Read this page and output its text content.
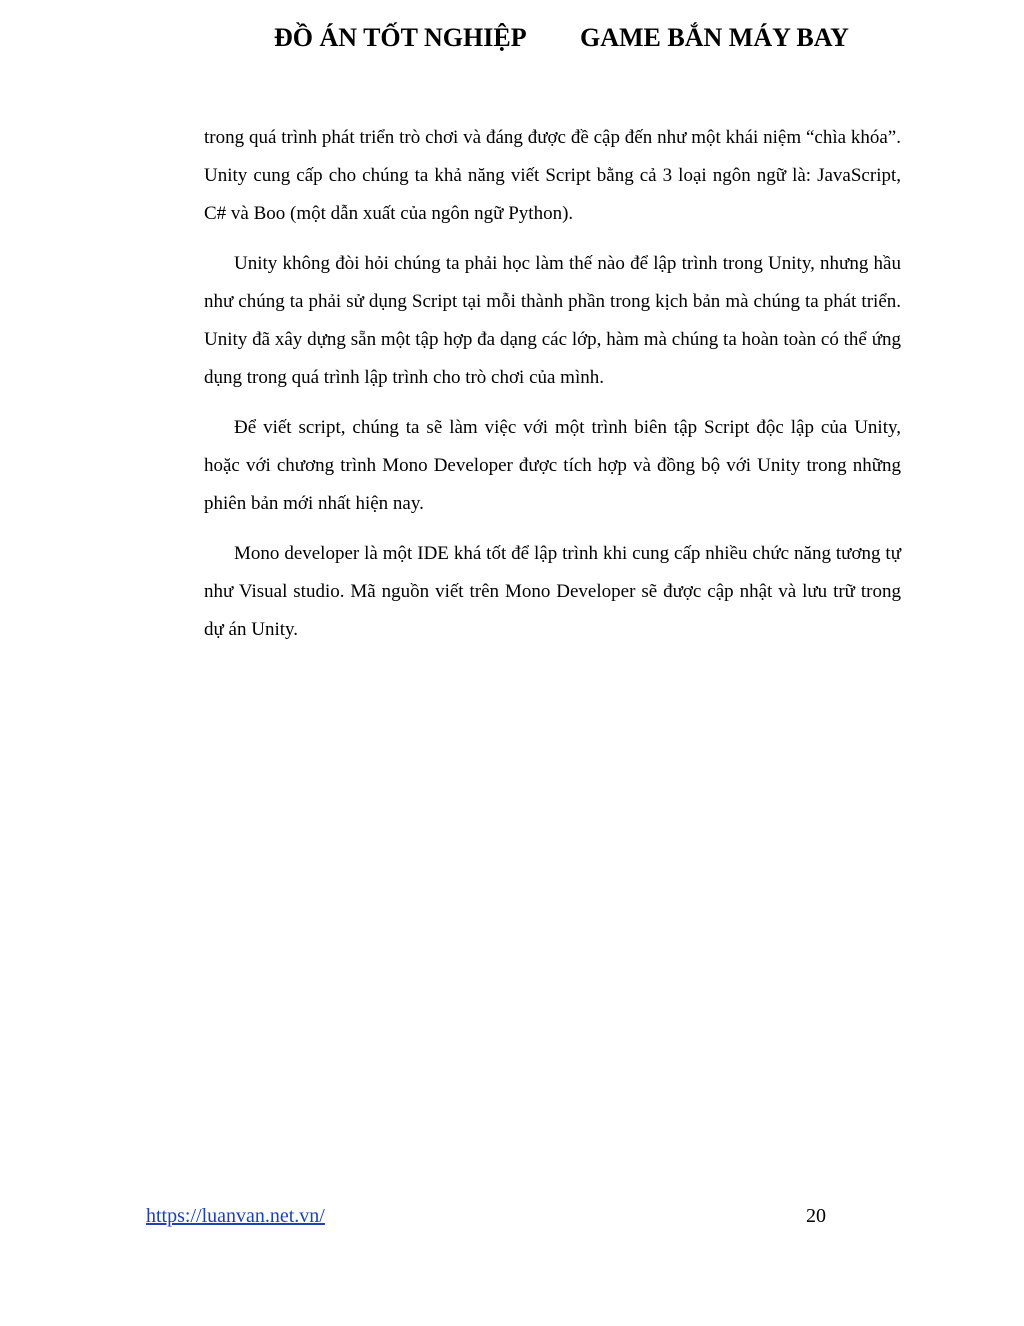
ĐỒ ÁN TỐT NGHIỆP GAME BẮN MÁY BAY

trong quá trình phát triển trò chơi và đáng được đề cập đến như một khái niệm “chìa khóa”. Unity cung cấp cho chúng ta khả năng viết Script bằng cả 3 loại ngôn ngữ là: JavaScript, C# và Boo (một dẫn xuất của ngôn ngữ Python).

Unity không đòi hỏi chúng ta phải học làm thế nào để lập trình trong Unity, nhưng hầu như chúng ta phải sử dụng Script tại mỗi thành phần trong kịch bản mà chúng ta phát triển. Unity đã xây dựng sẵn một tập hợp đa dạng các lớp, hàm mà chúng ta hoàn toàn có thể ứng dụng trong quá trình lập trình cho trò chơi của mình.

Để viết script, chúng ta sẽ làm việc với một trình biên tập Script độc lập của Unity, hoặc với chương trình Mono Developer được tích hợp và đồng bộ với Unity trong những phiên bản mới nhất hiện nay.

Mono developer là một IDE khá tốt để lập trình khi cung cấp nhiều chức năng tương tự như Visual studio. Mã nguồn viết trên Mono Developer sẽ được cập nhật và lưu trữ trong dự án Unity.

https://luanvan.net.vn/	20
